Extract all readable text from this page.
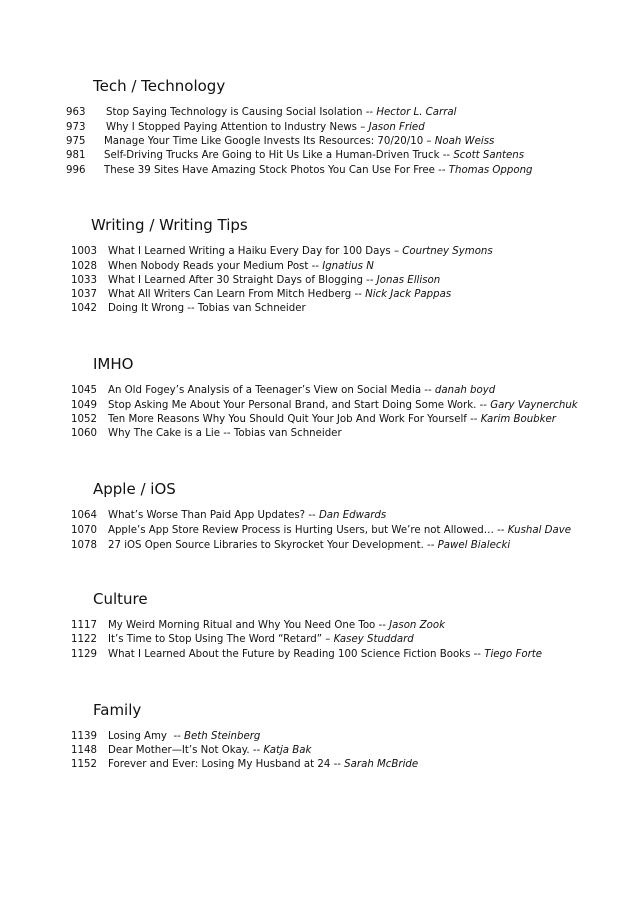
Tech / Technology
963 Stop Saying Technology is Causing Social Isolation -- Hector L. Carral
973 Why I Stopped Paying Attention to Industry News – Jason Fried
975 Manage Your Time Like Google Invests Its Resources: 70/20/10 – Noah Weiss
981 Self-Driving Trucks Are Going to Hit Us Like a Human-Driven Truck -- Scott Santens
996 These 39 Sites Have Amazing Stock Photos You Can Use For Free -- Thomas Oppong
Writing / Writing Tips
1003 What I Learned Writing a Haiku Every Day for 100 Days – Courtney Symons
1028 When Nobody Reads your Medium Post -- Ignatius N
1033 What I Learned After 30 Straight Days of Blogging -- Jonas Ellison
1037 What All Writers Can Learn From Mitch Hedberg -- Nick Jack Pappas
1042 Doing It Wrong -- Tobias van Schneider
IMHO
1045 An Old Fogey’s Analysis of a Teenager’s View on Social Media -- danah boyd
1049 Stop Asking Me About Your Personal Brand, and Start Doing Some Work. -- Gary Vaynerchuk
1052 Ten More Reasons Why You Should Quit Your Job And Work For Yourself -- Karim Boubker
1060 Why The Cake is a Lie -- Tobias van Schneider
Apple / iOS
1064 What’s Worse Than Paid App Updates? -- Dan Edwards
1070 Apple’s App Store Review Process is Hurting Users, but We’re not Allowed… -- Kushal Dave
1078 27 iOS Open Source Libraries to Skyrocket Your Development. -- Pawel Bialecki
Culture
1117 My Weird Morning Ritual and Why You Need One Too -- Jason Zook
1122 It’s Time to Stop Using The Word “Retard” – Kasey Studdard
1129 What I Learned About the Future by Reading 100 Science Fiction Books -- Tiego Forte
Family
1139 Losing Amy  -- Beth Steinberg
1148 Dear Mother—It’s Not Okay. -- Katja Bak
1152 Forever and Ever: Losing My Husband at 24 -- Sarah McBride
